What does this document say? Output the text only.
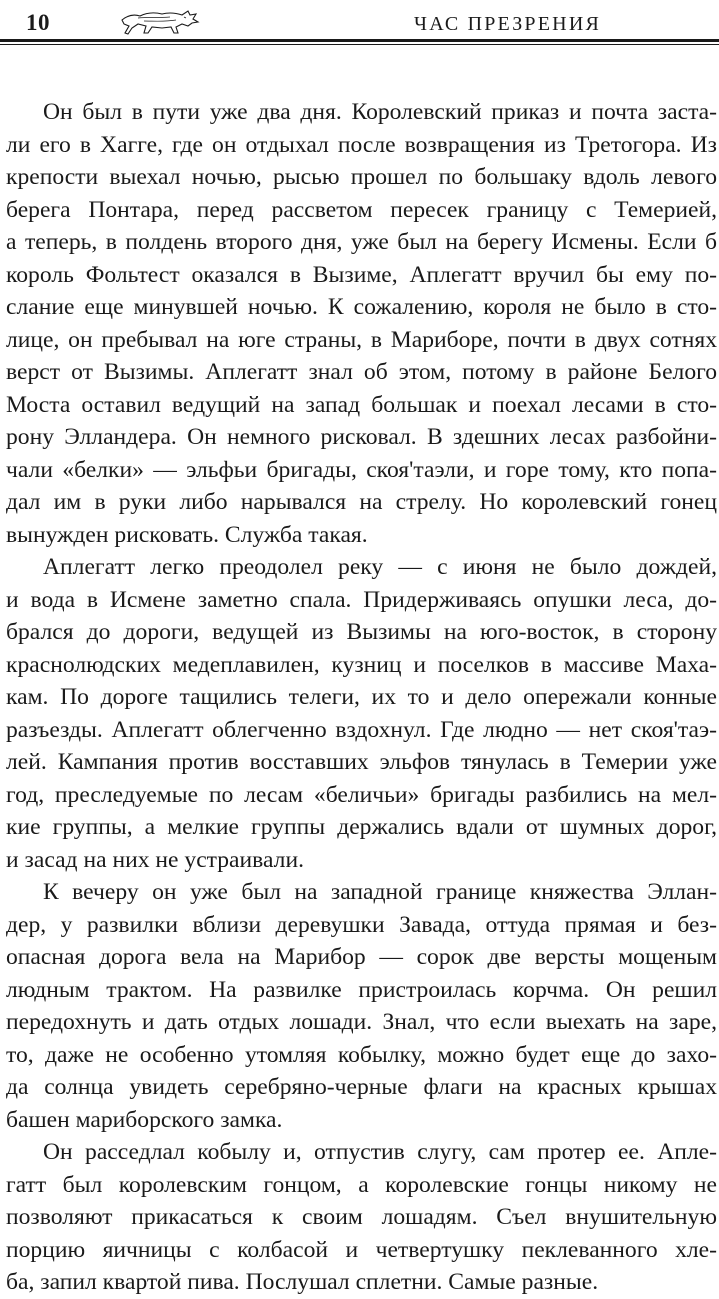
10	ЧАС ПРЕЗРЕНИЯ
Он был в пути уже два дня. Королевский приказ и почта заста-
ли его в Хагге, где он отдыхал после возвращения из Третогора. Из
крепости выехал ночью, рысью прошел по большаку вдоль левого
берега Понтара, перед рассветом пересек границу с Темерией,
а теперь, в полдень второго дня, уже был на берегу Исмены. Если б
король Фольтест оказался в Вызиме, Аплегатт вручил бы ему по-
слание еще минувшей ночью. К сожалению, короля не было в сто-
лице, он пребывал на юге страны, в Мариборе, почти в двух сотнях
верст от Вызимы. Аплегатт знал об этом, потому в районе Белого
Моста оставил ведущий на запад большак и поехал лесами в сто-
рону Элландера. Он немного рисковал. В здешних лесах разбойни-
чали «белки» — эльфьи бригады, скоя'таэли, и горе тому, кто попа-
дал им в руки либо нарывался на стрелу. Но королевский гонец
вынужден рисковать. Служба такая.
Аплегатт легко преодолел реку — с июня не было дождей,
и вода в Исмене заметно спала. Придерживаясь опушки леса, до-
брался до дороги, ведущей из Вызимы на юго-восток, в сторону
краснолюдских медеплавилен, кузниц и поселков в массиве Маха-
кам. По дороге тащились телеги, их то и дело опережали конные
разъезды. Аплегатт облегченно вздохнул. Где людно — нет скоя'таэ-
лей. Кампания против восставших эльфов тянулась в Темерии уже
год, преследуемые по лесам «беличьи» бригады разбились на мел-
кие группы, а мелкие группы держались вдали от шумных дорог,
и засад на них не устраивали.
К вечеру он уже был на западной границе княжества Эллан-
дер, у развилки вблизи деревушки Завада, оттуда прямая и без-
опасная дорога вела на Марибор — сорок две версты мощеным
людным трактом. На развилке пристроилась корчма. Он решил
передохнуть и дать отдых лошади. Знал, что если выехать на заре,
то, даже не особенно утомляя кобылку, можно будет еще до захо-
да солнца увидеть серебряно-черные флаги на красных крышах
башен мариборского замка.
Он расседлал кобылу и, отпустив слугу, сам протер ее. Апле-
гатт был королевским гонцом, а королевские гонцы никому не
позволяют прикасаться к своим лошадям. Съел внушительную
порцию яичницы с колбасой и четвертушку пеклеванного хле-
ба, запил квартой пива. Послушал сплетни. Самые разные.
